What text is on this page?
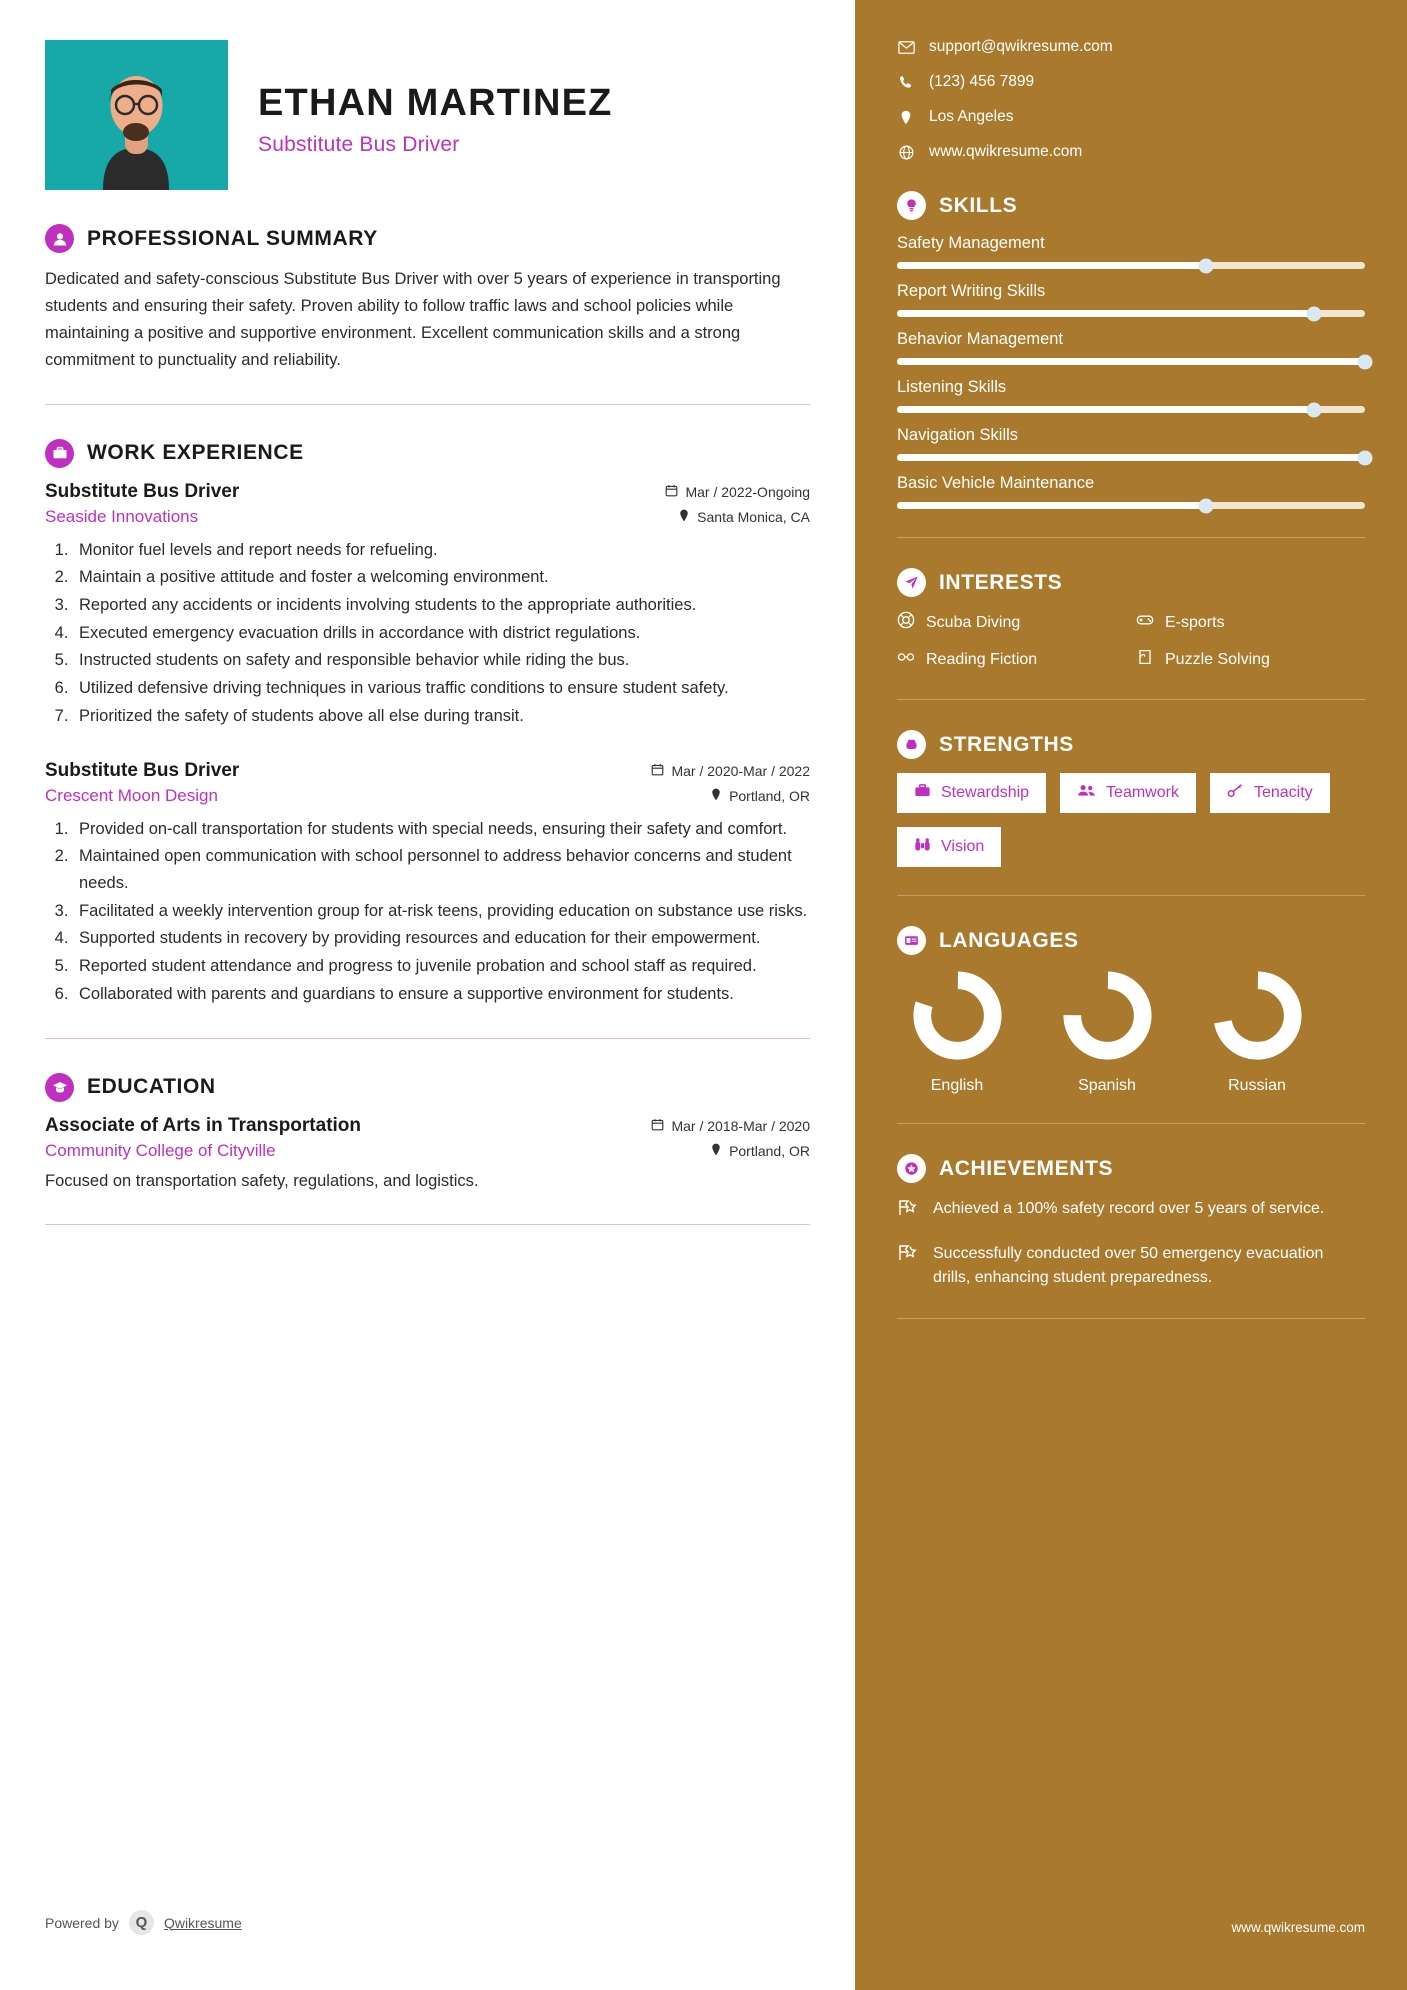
ETHAN MARTINEZ
Substitute Bus Driver
PROFESSIONAL SUMMARY

Dedicated and safety-conscious Substitute Bus Driver with over 5 years of experience in transporting students and ensuring their safety. Proven ability to follow traffic laws and school policies while maintaining a positive and supportive environment. Excellent communication skills and a strong commitment to punctuality and reliability.

WORK EXPERIENCE
Substitute Bus Driver	Mar / 2022-Ongoing
Seaside Innovations	Santa Monica, CA
1. Monitor fuel levels and report needs for refueling.
2. Maintain a positive attitude and foster a welcoming environment.
3. Reported any accidents or incidents involving students to the appropriate authorities.
4. Executed emergency evacuation drills in accordance with district regulations.
5. Instructed students on safety and responsible behavior while riding the bus.
6. Utilized defensive driving techniques in various traffic conditions to ensure student safety.
7. Prioritized the safety of students above all else during transit.
Substitute Bus Driver	Mar / 2020-Mar / 2022
Crescent Moon Design	Portland, OR
1. Provided on-call transportation for students with special needs, ensuring their safety and comfort.
2. Maintained open communication with school personnel to address behavior concerns and student needs.
3. Facilitated a weekly intervention group for at-risk teens, providing education on substance use risks.
4. Supported students in recovery by providing resources and education for their empowerment.
5. Reported student attendance and progress to juvenile probation and school staff as required.
6. Collaborated with parents and guardians to ensure a supportive environment for students.
EDUCATION
Associate of Arts in Transportation	Mar / 2018-Mar / 2020
Community College of Cityville	Portland, OR
Focused on transportation safety, regulations, and logistics.
Powered by	Q	Qwikresume
support@qwikresume.com
(123) 456 7899
Los Angeles
www.qwikresume.com
SKILLS
Safety Management
Report Writing Skills
Behavior Management
Listening Skills
Navigation Skills
Basic Vehicle Maintenance
INTERESTS
Scuba Diving	E-sports
Reading Fiction	Puzzle Solving
STRENGTHS
Stewardship	Teamwork	Tenacity
Vision
LANGUAGES
English	Spanish	Russian
ACHIEVEMENTS
Achieved a 100% safety record over 5 years of service.
Successfully conducted over 50 emergency evacuation drills, enhancing student preparedness.
www.qwikresume.com
